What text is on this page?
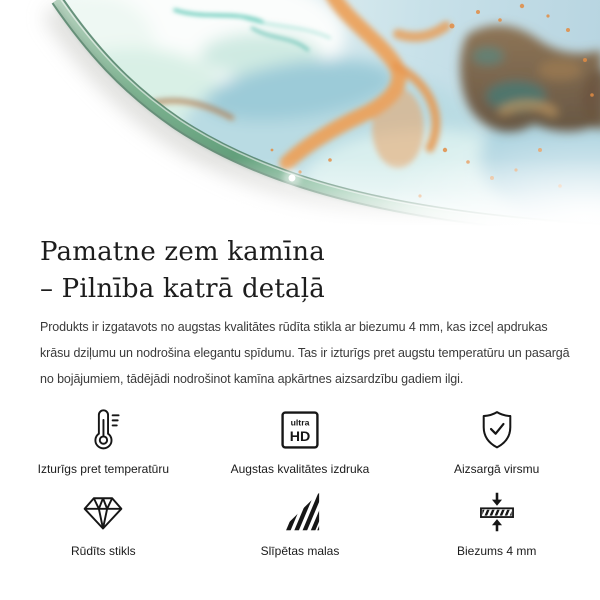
Pamatne zem kamīna
– Pilnība katrā detaļā
Produkts ir izgatavots no augstas kvalitātes rūdīta stikla ar biezumu 4 mm, kas izceļ apdrukas
krāsu dziļumu un nodrošina elegantu spīdumu. Tas ir izturīgs pret augstu temperatūru un pasargā
no bojājumiem, tādējādi nodrošinot kamīna apkārtnes aizsardzību gadiem ilgi.
Izturīgs pret temperatūru
ultra
HD
Augstas kvalitātes izdruka	Aizsargā virsmu
Rūdīts stikls	Slīpētas malas	Biezums 4 mm
